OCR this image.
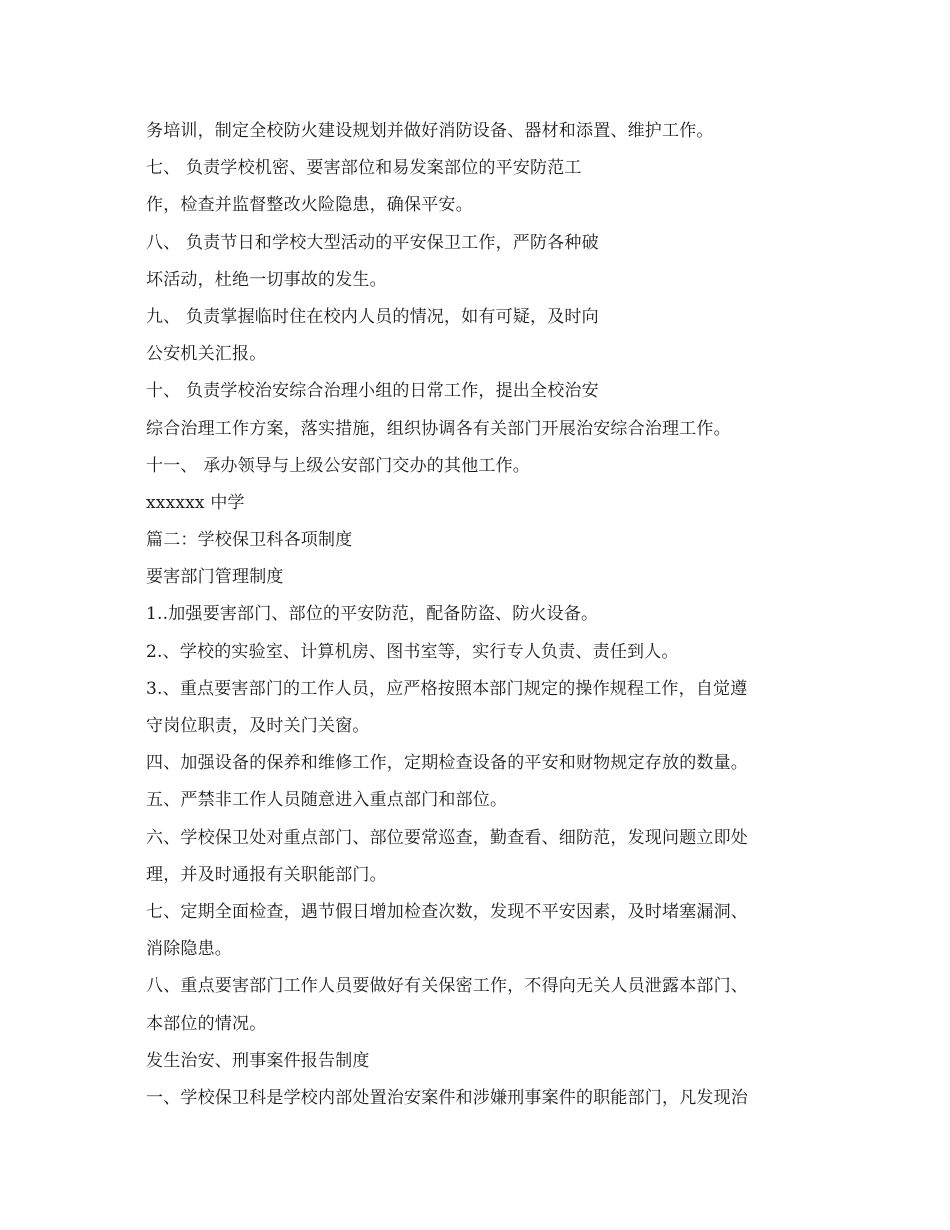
务培训，制定全校防火建设规划并做好消防设备、器材和添置、维护工作。
七、 负责学校机密、要害部位和易发案部位的平安防范工
作，检查并监督整改火险隐患，确保平安。
八、 负责节日和学校大型活动的平安保卫工作，严防各种破
坏活动，杜绝一切事故的发生。
九、 负责掌握临时住在校内人员的情况，如有可疑，及时向
公安机关汇报。
十、 负责学校治安综合治理小组的日常工作，提出全校治安
综合治理工作方案，落实措施，组织协调各有关部门开展治安综合治理工作。
十一、 承办领导与上级公安部门交办的其他工作。
xxxxxx 中学
篇二：学校保卫科各项制度
要害部门管理制度
1..加强要害部门、部位的平安防范，配备防盗、防火设备。
2.、学校的实验室、计算机房、图书室等，实行专人负责、责任到人。
3.、重点要害部门的工作人员，应严格按照本部门规定的操作规程工作，自觉遵
守岗位职责，及时关门关窗。
四、加强设备的保养和维修工作，定期检查设备的平安和财物规定存放的数量。
五、严禁非工作人员随意进入重点部门和部位。
六、学校保卫处对重点部门、部位要常巡查，勤查看、细防范，发现问题立即处
理，并及时通报有关职能部门。
七、定期全面检查，遇节假日增加检查次数，发现不平安因素，及时堵塞漏洞、
消除隐患。
八、重点要害部门工作人员要做好有关保密工作，不得向无关人员泄露本部门、
本部位的情况。
发生治安、刑事案件报告制度
一、学校保卫科是学校内部处置治安案件和涉嫌刑事案件的职能部门，凡发现治
